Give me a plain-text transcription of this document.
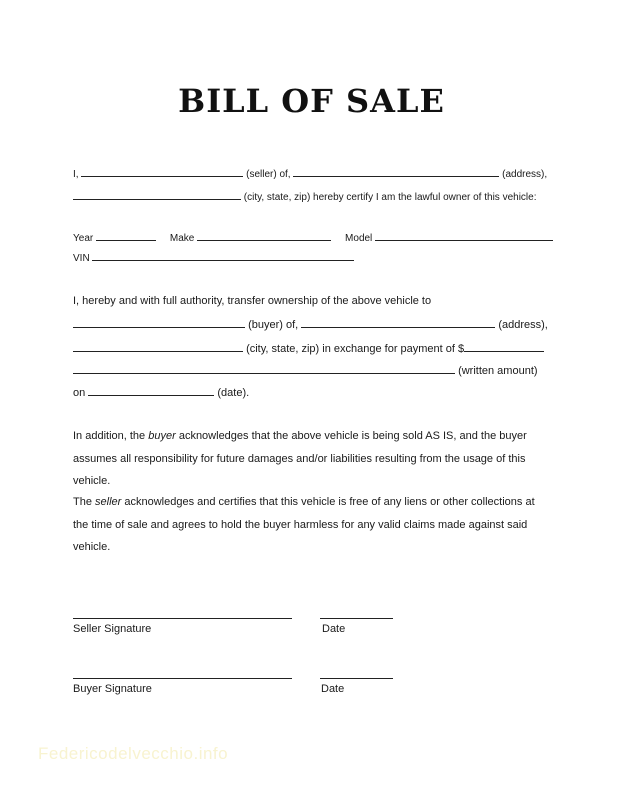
BILL OF SALE
I,	(seller) of,	(address),
(city, state, zip) hereby certify I am the lawful owner of this vehicle:
Year	Make	Model
VIN
I, hereby and with full authority, transfer ownership of the above vehicle to
(buyer) of,	(address),
(city, state, zip) in exchange for payment of $
(written amount)
on	(date).
In addition, the buyer acknowledges that the above vehicle is being sold AS IS, and the buyer
assumes all responsibility for future damages and/or liabilities resulting from the usage of this
vehicle.
The seller acknowledges and certifies that this vehicle is free of any liens or other collections at
the time of sale and agrees to hold the buyer harmless for any valid claims made against said
vehicle.
Seller Signature	Date
Buyer Signature	Date
Federicodelvecchio.info
